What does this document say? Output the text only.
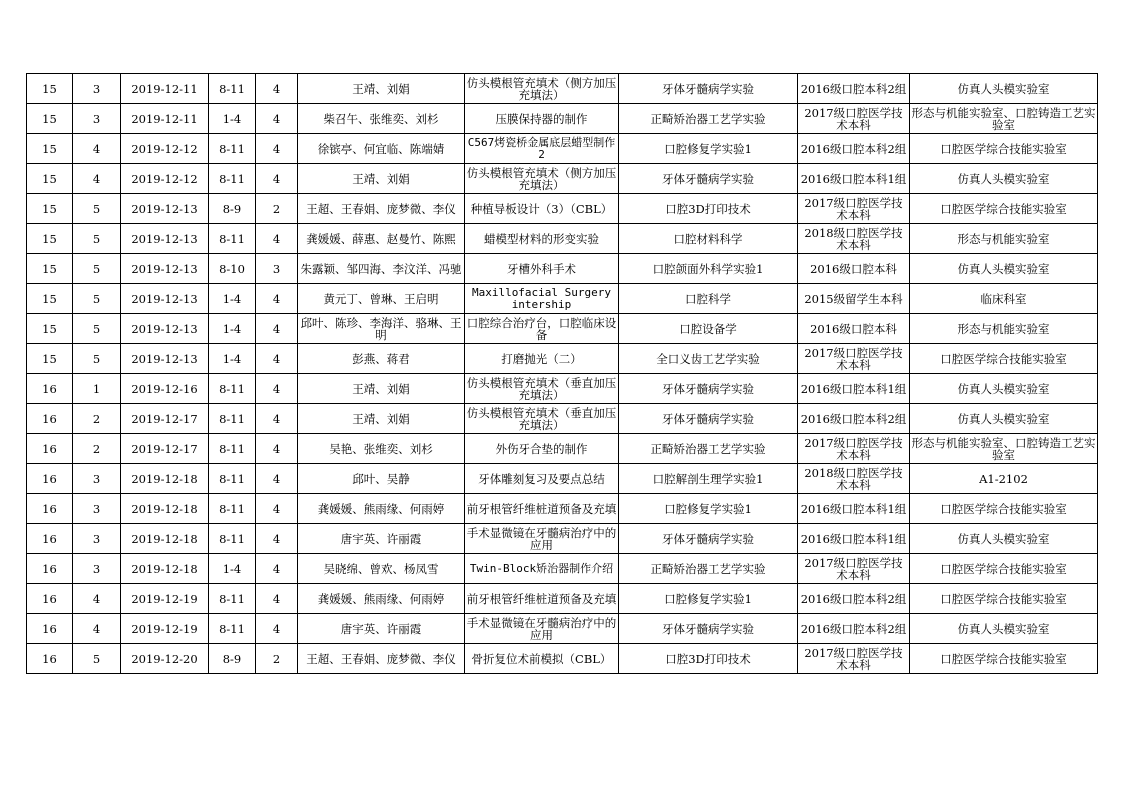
15	3	2019-12-11	8-11	4	王靖、刘娟	仿头模根管充填术（侧方加压充填法）	牙体牙髓病学实验	2016级口腔本科2组	仿真人头模实验室
15	3	2019-12-11	1-4	4	柴召午、张维奕、刘杉	压膜保持器的制作	正畸矫治器工艺学实验	2017级口腔医学技术本科	形态与机能实验室、口腔铸造工艺实验室
15	4	2019-12-12	8-11	4	徐镔亭、何宜临、陈端婧	C567烤瓷桥金属底层蜡型制作2	口腔修复学实验1	2016级口腔本科2组	口腔医学综合技能实验室
15	4	2019-12-12	8-11	4	王靖、刘娟	仿头模根管充填术（侧方加压充填法）	牙体牙髓病学实验	2016级口腔本科1组	仿真人头模实验室
15	5	2019-12-13	8-9	2	王超、王春娟、庞梦微、李仪	种植导板设计（3）（CBL）	口腔3D打印技术	2017级口腔医学技术本科	口腔医学综合技能实验室
15	5	2019-12-13	8-11	4	龚媛媛、薛惠、赵曼竹、陈熙	蜡模型材料的形变实验	口腔材料科学	2018级口腔医学技术本科	形态与机能实验室
15	5	2019-12-13	8-10	3	朱露颖、邹四海、李汶洋、冯驰	牙槽外科手术	口腔颌面外科学实验1	2016级口腔本科	仿真人头模实验室
15	5	2019-12-13	1-4	4	黄元丁、曾琳、王启明	Maxillofacial Surgery intership	口腔科学	2015级留学生本科	临床科室
15	5	2019-12-13	1-4	4	邱叶、陈珍、李海洋、骆琳、王明	口腔综合治疗台，口腔临床设备	口腔设备学	2016级口腔本科	形态与机能实验室
15	5	2019-12-13	1-4	4	彭燕、蒋君	打磨抛光（二）	全口义齿工艺学实验	2017级口腔医学技术本科	口腔医学综合技能实验室
16	1	2019-12-16	8-11	4	王靖、刘娟	仿头模根管充填术（垂直加压充填法）	牙体牙髓病学实验	2016级口腔本科1组	仿真人头模实验室
16	2	2019-12-17	8-11	4	王靖、刘娟	仿头模根管充填术（垂直加压充填法）	牙体牙髓病学实验	2016级口腔本科2组	仿真人头模实验室
16	2	2019-12-17	8-11	4	吴艳、张维奕、刘杉	外伤牙合垫的制作	正畸矫治器工艺学实验	2017级口腔医学技术本科	形态与机能实验室、口腔铸造工艺实验室
16	3	2019-12-18	8-11	4	邱叶、吴静	牙体雕刻复习及要点总结	口腔解剖生理学实验1	2018级口腔医学技术本科	A1-2102
16	3	2019-12-18	8-11	4	龚媛媛、熊雨缘、何雨婷	前牙根管纤维桩道预备及充填	口腔修复学实验1	2016级口腔本科1组	口腔医学综合技能实验室
16	3	2019-12-18	8-11	4	唐宇英、许丽霞	手术显微镜在牙髓病治疗中的应用	牙体牙髓病学实验	2016级口腔本科1组	仿真人头模实验室
16	3	2019-12-18	1-4	4	吴晓绵、曾欢、杨凤雪	Twin-Block矫治器制作介绍	正畸矫治器工艺学实验	2017级口腔医学技术本科	口腔医学综合技能实验室
16	4	2019-12-19	8-11	4	龚媛媛、熊雨缘、何雨婷	前牙根管纤维桩道预备及充填	口腔修复学实验1	2016级口腔本科2组	口腔医学综合技能实验室
16	4	2019-12-19	8-11	4	唐宇英、许丽霞	手术显微镜在牙髓病治疗中的应用	牙体牙髓病学实验	2016级口腔本科2组	仿真人头模实验室
16	5	2019-12-20	8-9	2	王超、王春娟、庞梦微、李仪	骨折复位术前模拟（CBL）	口腔3D打印技术	2017级口腔医学技术本科	口腔医学综合技能实验室
